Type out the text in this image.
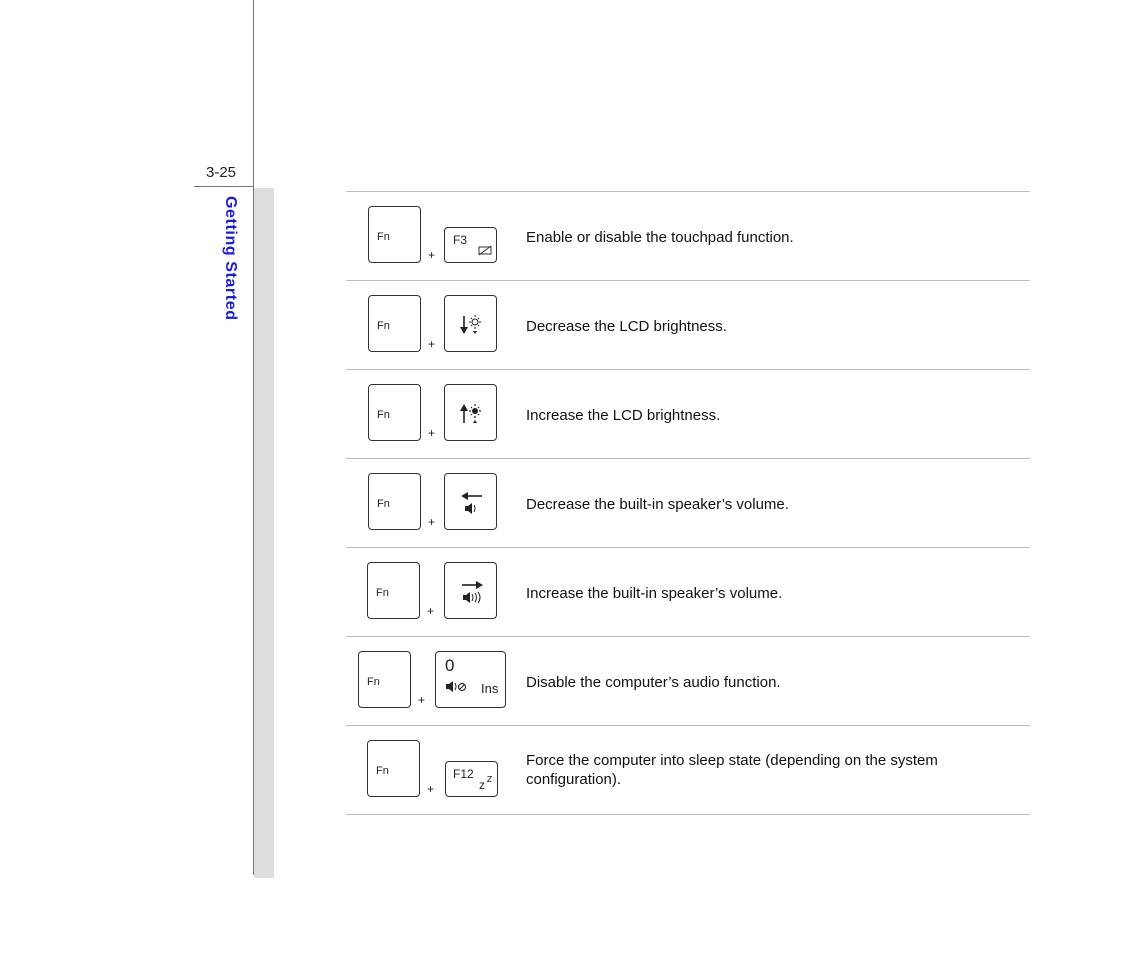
3-25
Getting Started	Fn
+
F3	Enable or disable the touchpad function.
Fn
+
Decrease the LCD brightness.
Fn
+
Increase the LCD brightness.
Fn
+
Decrease the built-in speaker’s volume.
Fn
+
Increase the built-in speaker’s volume.
Fn
+
0
Ins Disable the computer’s audio function.
Fn
+
F12
z
Force the computer into sleep state (depending on the system configuration).
